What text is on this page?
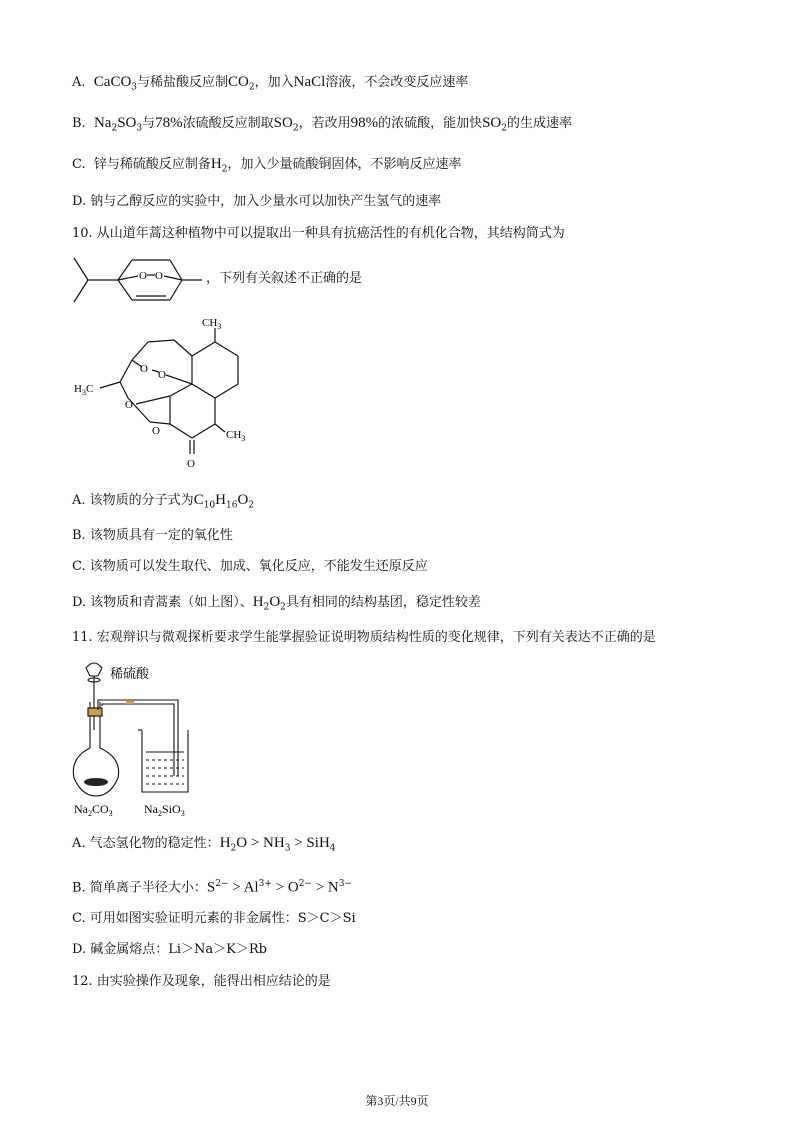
A. CaCO$_3$与稀盐酸反应制$CO_2$，加入NaCl溶液，不会改变反应速率
B. $Na_2SO_3$与78%浓硫酸反应制取$SO_2$，若改用98%的浓硫酸，能加快$SO_2$的生成速率
C. 锌与稀硫酸反应制备$H_2$，加入少量硫酸铜固体，不影响反应速率
D. 钠与乙醇反应的实验中，加入少量水可以加快产生氢气的速率
10. 从山道年蒿这种植物中可以提取出一种具有抗癌活性的有机化合物，其结构简式为
O O	，下列有关叙述不正确的是
$CH_3$
$H_3C$
$CH_3$
O O
O
O
O
A. 该物质的分子式为$C_{10}H_{16}O_2$
B. 该物质具有一定的氧化性
C. 该物质可以发生取代、加成、氧化反应，不能发生还原反应
D. 该物质和青蒿素（如上图）、$H_2O_2$具有相同的结构基团，稳定性较差
11. 宏观辩识与微观探析要求学生能掌握验证说明物质结构性质的变化规律，下列有关表达不正确的是
稀硫酸
$Na_2CO_3$	$Na_2SiO_3$
A. 气态氢化物的稳定性：$H_2O > NH_3 > SiH_4$
B. 简单离子半径大小：$S^{2-} > Al^{3+} > O^{2-} > N^{3-}$
C. 可用如图实验证明元素的非金属性：S＞C＞Si
D. 碱金属熔点：Li＞Na＞K＞Rb
12. 由实验操作及现象，能得出相应结论的是
第3页/共9页
